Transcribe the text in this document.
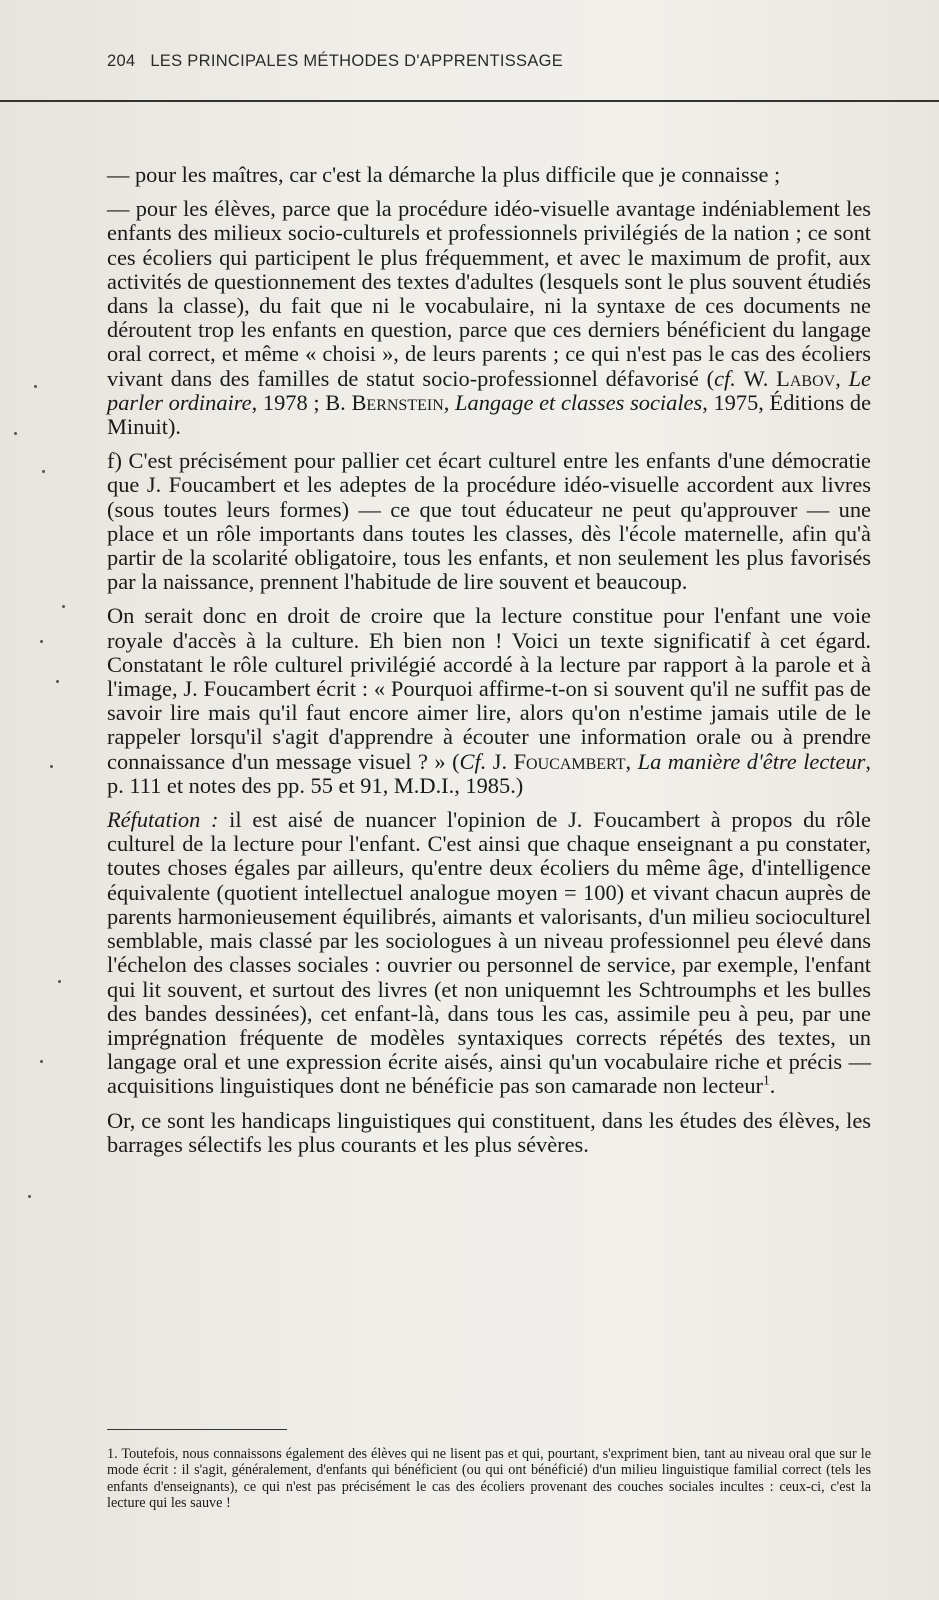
204 LES PRINCIPALES MÉTHODES D'APPRENTISSAGE

— pour les maîtres, car c'est la démarche la plus difficile que je connaisse ;

— pour les élèves, parce que la procédure idéo-visuelle avantage indéniablement les enfants des milieux socio-culturels et professionnels privilégiés de la nation ; ce sont ces écoliers qui participent le plus fréquemment, et avec le maximum de profit, aux activités de questionnement des textes d'adultes (lesquels sont le plus souvent étudiés dans la classe), du fait que ni le vocabulaire, ni la syntaxe de ces documents ne déroutent trop les enfants en question, parce que ces derniers bénéficient du langage oral correct, et même « choisi », de leurs parents ; ce qui n'est pas le cas des écoliers vivant dans des familles de statut socio-professionnel défavorisé (cf. W. Labov, Le parler ordinaire, 1978 ; B. Bernstein, Langage et classes sociales, 1975, Éditions de Minuit).

f) C'est précisément pour pallier cet écart culturel entre les enfants d'une démocratie que J. Foucambert et les adeptes de la procédure idéo-visuelle accordent aux livres (sous toutes leurs formes) — ce que tout éducateur ne peut qu'approuver — une place et un rôle importants dans toutes les classes, dès l'école maternelle, afin qu'à partir de la scolarité obligatoire, tous les enfants, et non seulement les plus favorisés par la naissance, prennent l'habitude de lire souvent et beaucoup.

On serait donc en droit de croire que la lecture constitue pour l'enfant une voie royale d'accès à la culture. Eh bien non ! Voici un texte significatif à cet égard. Constatant le rôle culturel privilégié accordé à la lecture par rapport à la parole et à l'image, J. Foucambert écrit : « Pourquoi affirme-t-on si souvent qu'il ne suffit pas de savoir lire mais qu'il faut encore aimer lire, alors qu'on n'estime jamais utile de le rappeler lorsqu'il s'agit d'apprendre à écouter une information orale ou à prendre connaissance d'un message visuel ? » (Cf. J. Foucambert, La manière d'être lecteur, p. 111 et notes des pp. 55 et 91, M.D.I., 1985.)

Réfutation : il est aisé de nuancer l'opinion de J. Foucambert à propos du rôle culturel de la lecture pour l'enfant. C'est ainsi que chaque enseignant a pu constater, toutes choses égales par ailleurs, qu'entre deux écoliers du même âge, d'intelligence équivalente (quotient intellectuel analogue moyen = 100) et vivant chacun auprès de parents harmonieusement équilibrés, aimants et valorisants, d'un milieu socioculturel semblable, mais classé par les sociologues à un niveau professionnel peu élevé dans l'échelon des classes sociales : ouvrier ou personnel de service, par exemple, l'enfant qui lit souvent, et surtout des livres (et non uniquemnt les Schtroumphs et les bulles des bandes dessinées), cet enfant-là, dans tous les cas, assimile peu à peu, par une imprégnation fréquente de modèles syntaxiques corrects répétés des textes, un langage oral et une expression écrite aisés, ainsi qu'un vocabulaire riche et précis — acquisitions linguistiques dont ne bénéficie pas son camarade non lecteur$^1$.

Or, ce sont les handicaps linguistiques qui constituent, dans les études des élèves, les barrages sélectifs les plus courants et les plus sévères.

1. Toutefois, nous connaissons également des élèves qui ne lisent pas et qui, pourtant, s'expriment bien, tant au niveau oral que sur le mode écrit : il s'agit, généralement, d'enfants qui bénéficient (ou qui ont bénéficié) d'un milieu linguistique familial correct (tels les enfants d'enseignants), ce qui n'est pas précisément le cas des écoliers provenant des couches sociales incultes : ceux-ci, c'est la lecture qui les sauve !
